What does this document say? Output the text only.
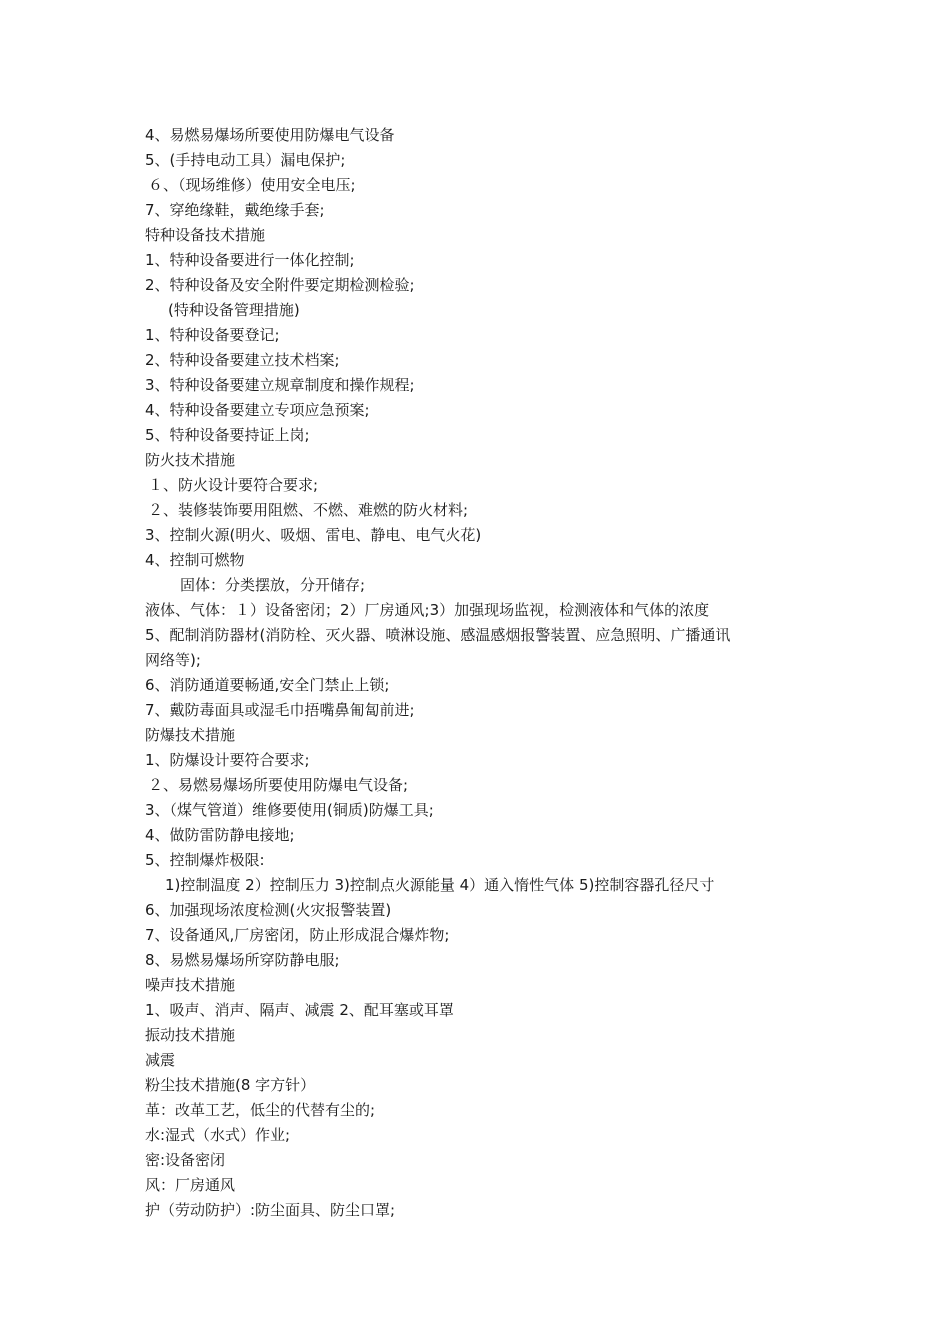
4、易燃易爆场所要使用防爆电气设备

5、(手持电动工具）漏电保护;

６、（现场维修）使用安全电压;

7、穿绝缘鞋，戴绝缘手套;

特种设备技术措施

1、特种设备要进行一体化控制;

2、特种设备及安全附件要定期检测检验;

(特种设备管理措施)

1、特种设备要登记;

2、特种设备要建立技术档案;

3、特种设备要建立规章制度和操作规程;

4、特种设备要建立专项应急预案;

5、特种设备要持证上岗;

防火技术措施

１、防火设计要符合要求;

２、装修装饰要用阻燃、不燃、难燃的防火材料;

3、控制火源(明火、吸烟、雷电、静电、电气火花)

4、控制可燃物

固体：分类摆放，分开储存;

液体、气体：１）设备密闭；2）厂房通风;3）加强现场监视，检测液体和气体的浓度

5、配制消防器材(消防栓、灭火器、喷淋设施、感温感烟报警装置、应急照明、广播通讯

网络等);

6、消防通道要畅通,安全门禁止上锁;

7、戴防毒面具或湿毛巾捂嘴鼻匍匐前进;

防爆技术措施

1、防爆设计要符合要求;

２、易燃易爆场所要使用防爆电气设备;

3、（煤气管道）维修要使用(铜质)防爆工具;

4、做防雷防静电接地;

5、控制爆炸极限:

1)控制温度 2）控制压力 3)控制点火源能量 4）通入惰性气体 5)控制容器孔径尺寸

6、加强现场浓度检测(火灾报警装置)

7、设备通风,厂房密闭，防止形成混合爆炸物;

8、易燃易爆场所穿防静电服;

噪声技术措施

1、吸声、消声、隔声、减震 2、配耳塞或耳罩

振动技术措施

减震

粉尘技术措施(8 字方针）

革：改革工艺，低尘的代替有尘的;

水:湿式（水式）作业;

密:设备密闭

风：厂房通风

护（劳动防护）:防尘面具、防尘口罩;
